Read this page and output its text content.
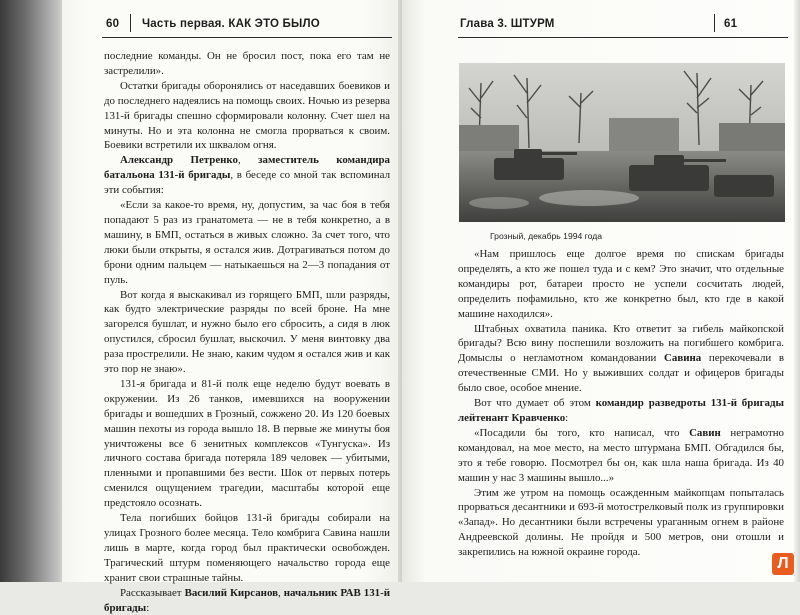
60 Часть первая. КАК ЭТО БЫЛО

последние команды. Он не бросил пост, пока его там не застрелили».

Остатки бригады оборонялись от наседавших боевиков и до последнего надеялись на помощь своих. Ночью из резерва 131-й бригады спешно сформировали колонну. Счет шел на минуты. Но и эта колонна не смогла прорваться к своим. Боевики встретили их шквалом огня.

Александр Петренко, заместитель командира батальона 131-й бригады, в беседе со мной так вспоминал эти события:

«Если за какое-то время, ну, допустим, за час боя в тебя попадают 5 раз из гранатомета — не в тебя конкретно, а в машину, в БМП, остаться в живых сложно. За счет того, что люки были открыты, я остался жив. Дотрагиваться потом до брони одним пальцем — натыкаешься на 2—3 попадания от пуль.

Вот когда я выскакивал из горящего БМП, шли разряды, как будто электрические разряды по всей броне. На мне загорелся бушлат, и нужно было его сбросить, а сидя в люк опустился, сбросил бушлат, выскочил. У меня винтовку два раза прострелили. Не знаю, каким чудом я остался жив и как это пор не знаю».

131-я бригада и 81-й полк еще неделю будут воевать в окружении. Из 26 танков, имевшихся на вооружении бригады и вошедших в Грозный, сожжено 20. Из 120 боевых машин пехоты из города вышло 18. В первые же минуты боя уничтожены все 6 зенитных комплексов «Тунгуска». Из личного состава бригада потеряла 189 человек — убитыми, пленными и пропавшими без вести. Шок от первых потерь сменился ощущением трагедии, масштабы которой еще предстояло осознать.

Тела погибших бойцов 131-й бригады собирали на улицах Грозного более месяца. Тело комбрига Савина нашли лишь в марте, когда город был практически освобожден. Трагический штурм поменяющего начальство города еще хранит свои страшные тайны.

Рассказывает Василий Кирсанов, начальник РАВ 131-й бригады:

Глава 3. ШТУРМ	61
Грозный, декабрь 1994 года

«Нам пришлось еще долгое время по спискам бригады определять, а кто же пошел туда и с кем? Это значит, что отдельные командиры рот, батареи просто не успели сосчитать людей, определить пофамильно, кто же конкретно был, кто где в какой машине находился».

Штабных охватила паника. Кто ответит за гибель майкопской бригады? Всю вину поспешили возложить на погибшего комбрига. Домыслы о негламотном командовании Савина перекочевали в отечественные СМИ. Но у выживших солдат и офицеров бригады было свое, особое мнение.

Вот что думает об этом командир разведроты 131-й бригады лейтенант Кравченко:

«Посадили бы того, кто написал, что Савин неграмотно командовал, на мое место, на место штурмана БМП. Обгадился бы, это я тебе говорю. Посмотрел бы он, как шла наша бригада. Из 40 машин у нас 3 машины вышло...»

Этим же утром на помощь осажденным майкопцам попыталась прорваться десантники и 693-й мотострелковый полк из группировки «Запад». Но десантники были встречены ураганным огнем в районе Андреевской долины. Не пройдя и 500 метров, они отошли и закрепились на южной окраине города.

Л
